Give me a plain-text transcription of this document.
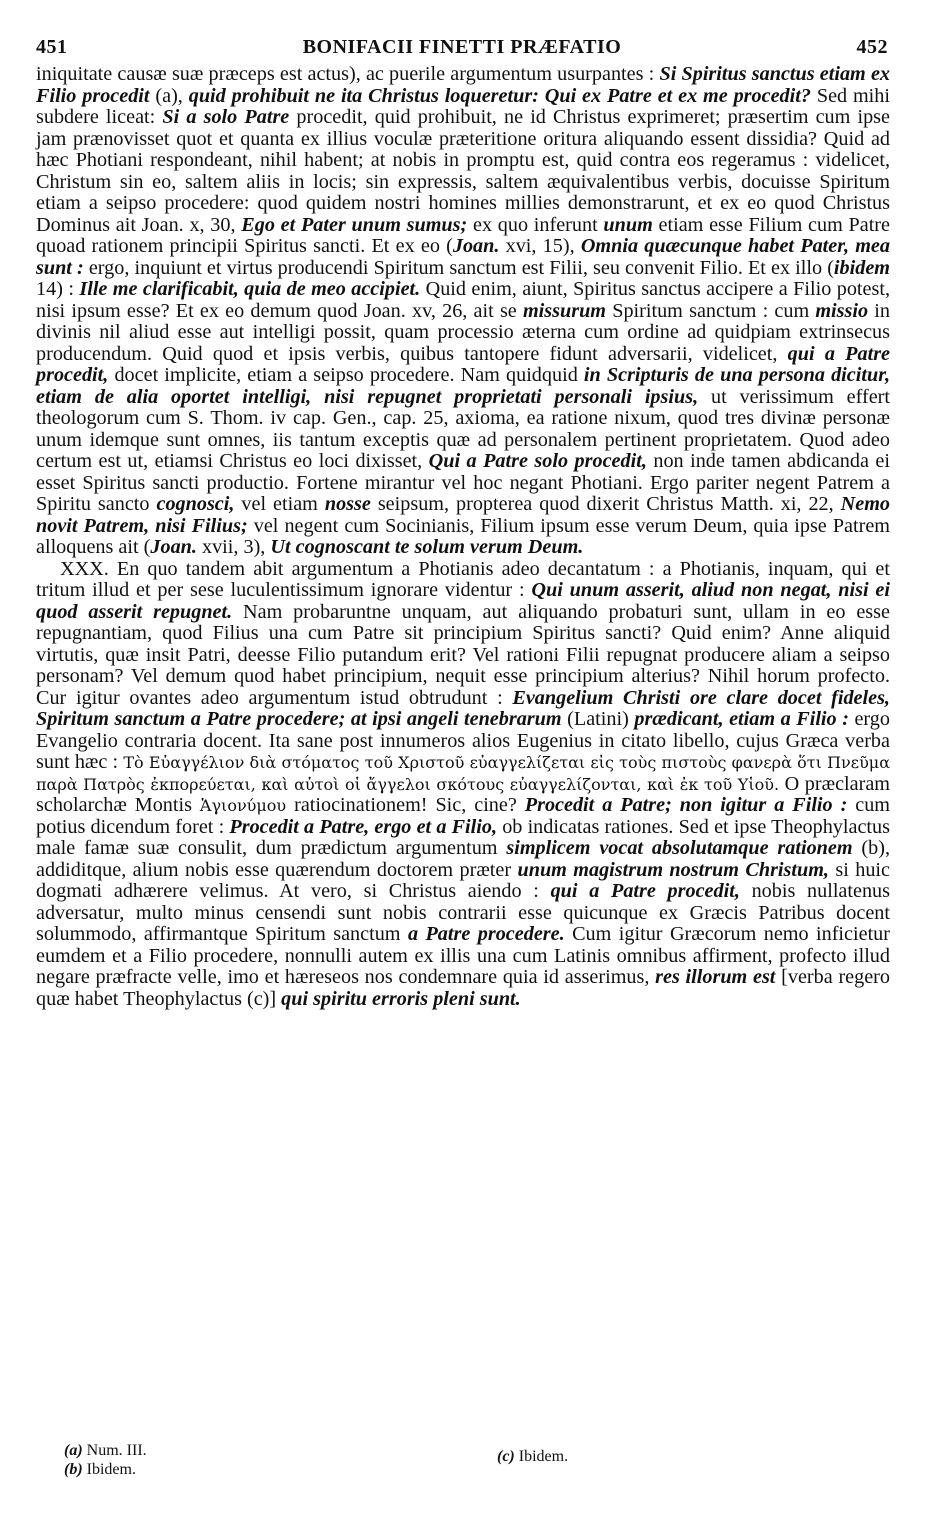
451	BONIFACII FINETTI PRÆFATIO	452

iniquitate causæ suæ præceps est actus), ac puerile argumentum usurpantes : Si Spiritus sanctus etiam ex Filio procedit (a), quid prohibuit ne ita Christus loqueretur: Qui ex Patre et ex me procedit? Sed mihi subdere liceat: Si a solo Patre procedit, quid prohibuit, ne id Christus exprimeret; præsertim cum ipse jam prænovisset quot et quanta ex illius voculæ præteritione oritura aliquando essent dissidia? Quid ad hæc Photiani respondeant, nihil habent; at nobis in promptu est, quid contra eos regeramus : videlicet, Christum sin eo, saltem aliis in locis; sin expressis, saltem æquivalentibus verbis, docuisse Spiritum etiam a seipso procedere: quod quidem nostri homines millies demonstrarunt, et ex eo quod Christus Dominus ait Joan. x, 30, Ego et Pater unum sumus; ex quo inferunt unum etiam esse Filium cum Patre quoad rationem principii Spiritus sancti. Et ex eo (Joan. xvi, 15), Omnia quæcunque habet Pater, mea sunt : ergo, inquiunt et virtus producendi Spiritum sanctum est Filii, seu convenit Filio. Et ex illo (ibidem 14) : Ille me clarificabit, quia de meo accipiet. Quid enim, aiunt, Spiritus sanctus accipere a Filio potest, nisi ipsum esse? Et ex eo demum quod Joan. xv, 26, ait se missurum Spiritum sanctum : cum missio in divinis nil aliud esse aut intelligi possit, quam processio æterna cum ordine ad quidpiam extrinsecus producendum. Quid quod et ipsis verbis, quibus tantopere fidunt adversarii, videlicet, qui a Patre procedit, docet implicite, etiam a seipso procedere. Nam quidquid in Scripturis de una persona dicitur, etiam de alia oportet intelligi, nisi repugnet proprietati personali ipsius, ut verissimum effert theologorum cum S. Thom. iv cap. Gen., cap. 25, axioma, ea ratione nixum, quod tres divinæ personæ unum idemque sunt omnes, iis tantum exceptis quæ ad personalem pertinent proprietatem. Quod adeo certum est ut, etiamsi Christus eo loci dixisset, Qui a Patre solo procedit, non inde tamen abdicanda ei esset Spiritus sancti productio. Fortene mirantur vel hoc negant Photiani. Ergo pariter negent Patrem a Spiritu sancto cognosci, vel etiam nosse seipsum, propterea quod dixerit Christus Matth. xi, 22, Nemo novit Patrem, nisi Filius; vel negent cum Socinianis, Filium ipsum esse verum Deum, quia ipse Patrem alloquens ait (Joan. xvii, 3), Ut cognoscant te solum verum Deum.

XXX. En quo tandem abit argumentum a Photianis adeo decantatum : a Photianis, inquam, qui et tritum illud et per sese luculentissimum ignorare videntur : Qui unum asserit, aliud non negat, nisi ei quod asserit repugnet. Nam probaruntne unquam, aut aliquando probaturi sunt, ullam in eo esse repugnantiam, quod Filius una cum Patre sit principium Spiritus sancti? Quid enim? Anne aliquid virtutis, quæ insit Patri, deesse Filio putandum erit? Vel rationi Filii repugnat producere aliam a seipso personam? Vel demum quod habet principium, nequit esse principium alterius? Nihil horum profecto. Cur igitur ovantes adeo argumentum istud obtrudunt : Evangelium Christi ore clare docet fideles, Spiritum sanctum a Patre procedere; at ipsi angeli tenebrarum (Latini) prædicant, etiam a Filio : ergo Evangelio contraria docent. Ita sane post innumeros alios Eugenius in citato libello, cujus Græca verba sunt hæc : Τὸ Εὐαγγέλιον διὰ στόματος τοῦ Χριστοῦ εὐαγγελίζεται εἰς τοὺς πιστοὺς φανερὰ ὅτι Πνεῦμα παρὰ Πατρὸς ἐκπορεύεται, καὶ αὐτοὶ οἱ ἄγγελοι σκότους εὐαγγελίζονται, καὶ ἐκ τοῦ Υἱοῦ. O præclaram scholarchæ Montis Ἁγιονύμου ratiocinationem! Sic, cine? Procedit a Patre; non igitur a Filio : cum potius dicendum foret : Procedit a Patre, ergo et a Filio, ob indicatas rationes. Sed et ipse Theophylactus male famæ suæ consulit, dum prædictum argumentum simplicem vocat absolutamque rationem (b), addiditque, alium nobis esse quærendum doctorem præter unum magistrum nostrum Christum, si huic dogmati adhærere velimus. At vero, si Christus aiendo : qui a Patre procedit, nobis nullatenus adversatur, multo minus censendi sunt nobis contrarii esse quicunque ex Græcis Patribus docent solummodo, affirmantque Spiritum sanctum a Patre procedere. Cum igitur Græcorum nemo inficietur eumdem et a Filio procedere, nonnulli autem ex illis una cum Latinis omnibus affirment, profecto illud negare præfracte velle, imo et hæreseos nos condemnare quia id asserimus, res illorum est [verba regero quæ habet Theophylactus (c)] qui spiritu erroris pleni sunt.

(a) Num. III.
(b) Ibidem.
(c) Ibidem.
